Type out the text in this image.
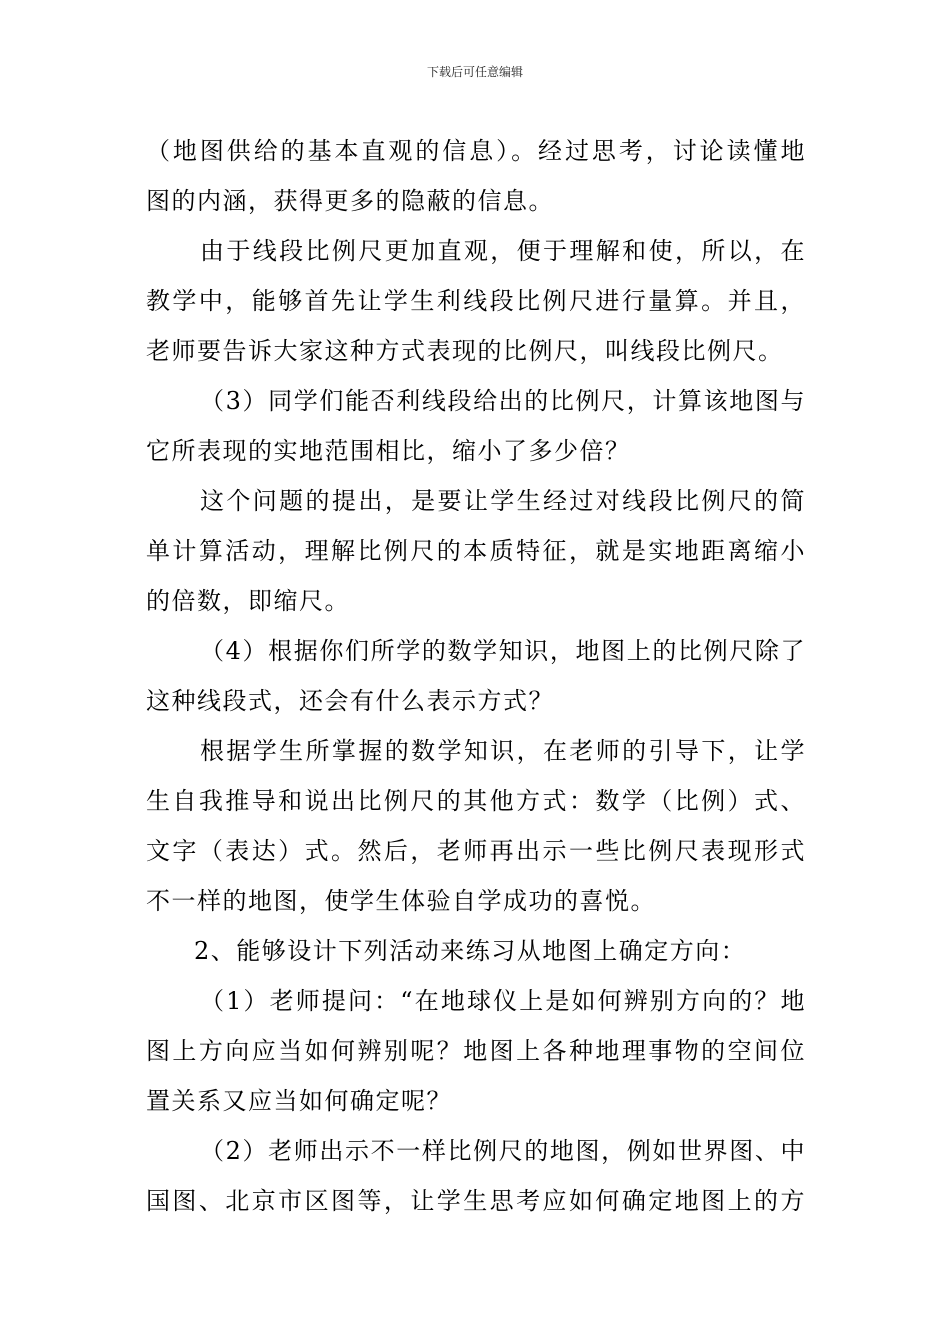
下载后可任意编辑
（地图供给的基本直观的信息）。经过思考，讨论读懂地
图的内涵，获得更多的隐蔽的信息。
由于线段比例尺更加直观，便于理解和使，所以，在
教学中，能够首先让学生利线段比例尺进行量算。并且，
老师要告诉大家这种方式表现的比例尺，叫线段比例尺。
（3）同学们能否利线段给出的比例尺，计算该地图与
它所表现的实地范围相比，缩小了多少倍？
这个问题的提出，是要让学生经过对线段比例尺的简
单计算活动，理解比例尺的本质特征，就是实地距离缩小
的倍数，即缩尺。
（4）根据你们所学的数学知识，地图上的比例尺除了
这种线段式，还会有什么表示方式？
根据学生所掌握的数学知识，在老师的引导下，让学
生自我推导和说出比例尺的其他方式：数学（比例）式、
文字（表达）式。然后，老师再出示一些比例尺表现形式
不一样的地图，使学生体验自学成功的喜悦。
2、能够设计下列活动来练习从地图上确定方向：
（1）老师提问：“在地球仪上是如何辨别方向的？地
图上方向应当如何辨别呢？地图上各种地理事物的空间位
置关系又应当如何确定呢？
（2）老师出示不一样比例尺的地图，例如世界图、中
国图、北京市区图等，让学生思考应如何确定地图上的方
